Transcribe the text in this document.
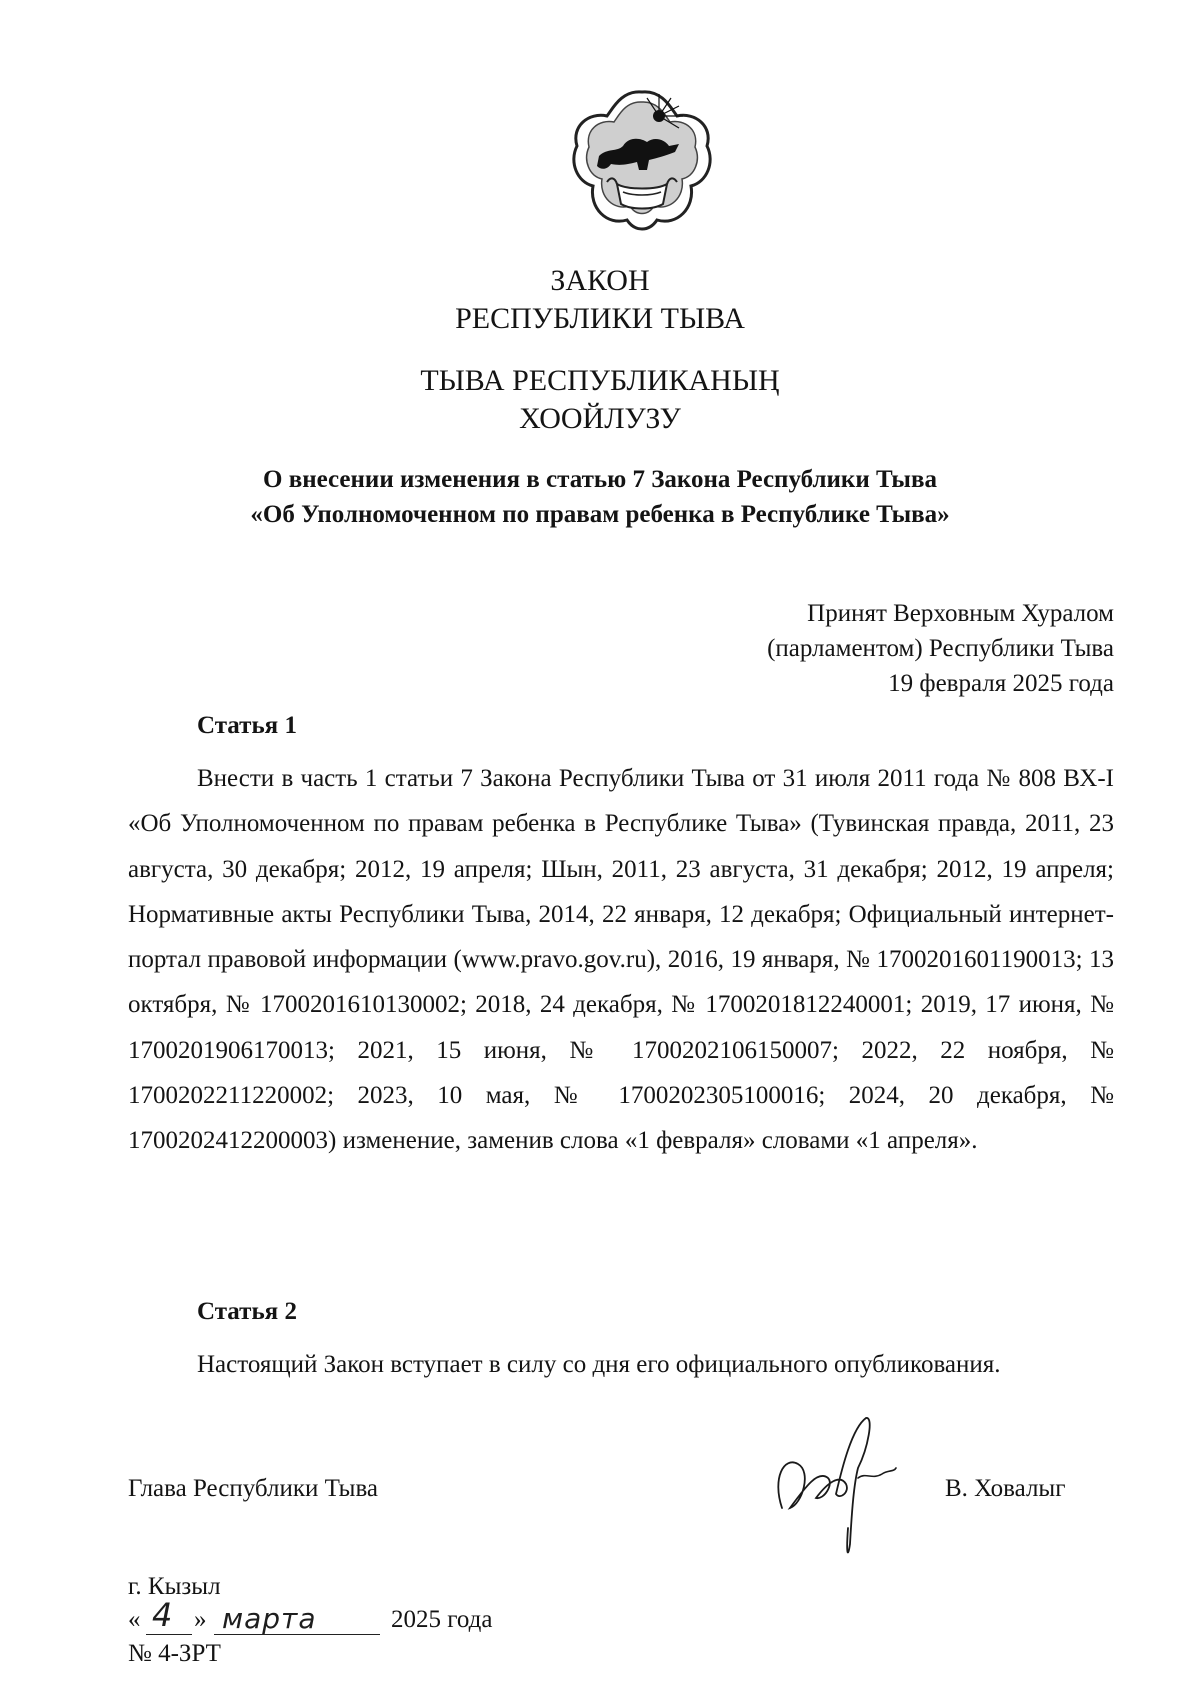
ЗАКОН
РЕСПУБЛИКИ ТЫВА
ТЫВА РЕСПУБЛИКАНЫҢ
ХООЙЛУЗУ
О внесении изменения в статью 7 Закона Республики Тыва
«Об Уполномоченном по правам ребенка в Республике Тыва»
Принят Верховным Хуралом
(парламентом) Республики Тыва
19 февраля 2025 года
Статья 1
Внести в часть 1 статьи 7 Закона Республики Тыва от 31 июля 2011 года № 808 ВХ-I «Об Уполномоченном по правам ребенка в Республике Тыва» (Тувинская правда, 2011, 23 августа, 30 декабря; 2012, 19 апреля; Шын, 2011, 23 августа, 31 декабря; 2012, 19 апреля; Нормативные акты Республики Тыва, 2014, 22 января, 12 декабря; Официальный интернет-портал правовой информации (www.pravo.gov.ru), 2016, 19 января, № 1700201601190013; 13 октября, № 1700201610130002; 2018, 24 декабря, № 1700201812240001; 2019, 17 июня, № 1700201906170013; 2021, 15 июня, № 1700202106150007; 2022, 22 ноября, № 1700202211220002; 2023, 10 мая, № 1700202305100016; 2024, 20 декабря, № 1700202412200003) изменение, заменив слова «1 февраля» словами «1 апреля».
Статья 2
Настоящий Закон вступает в силу со дня его официального опубликования.
Глава Республики Тыва	В. Ховалыг
г. Кызыл
« 4 » марта	2025 года
№ 4-ЗРТ
